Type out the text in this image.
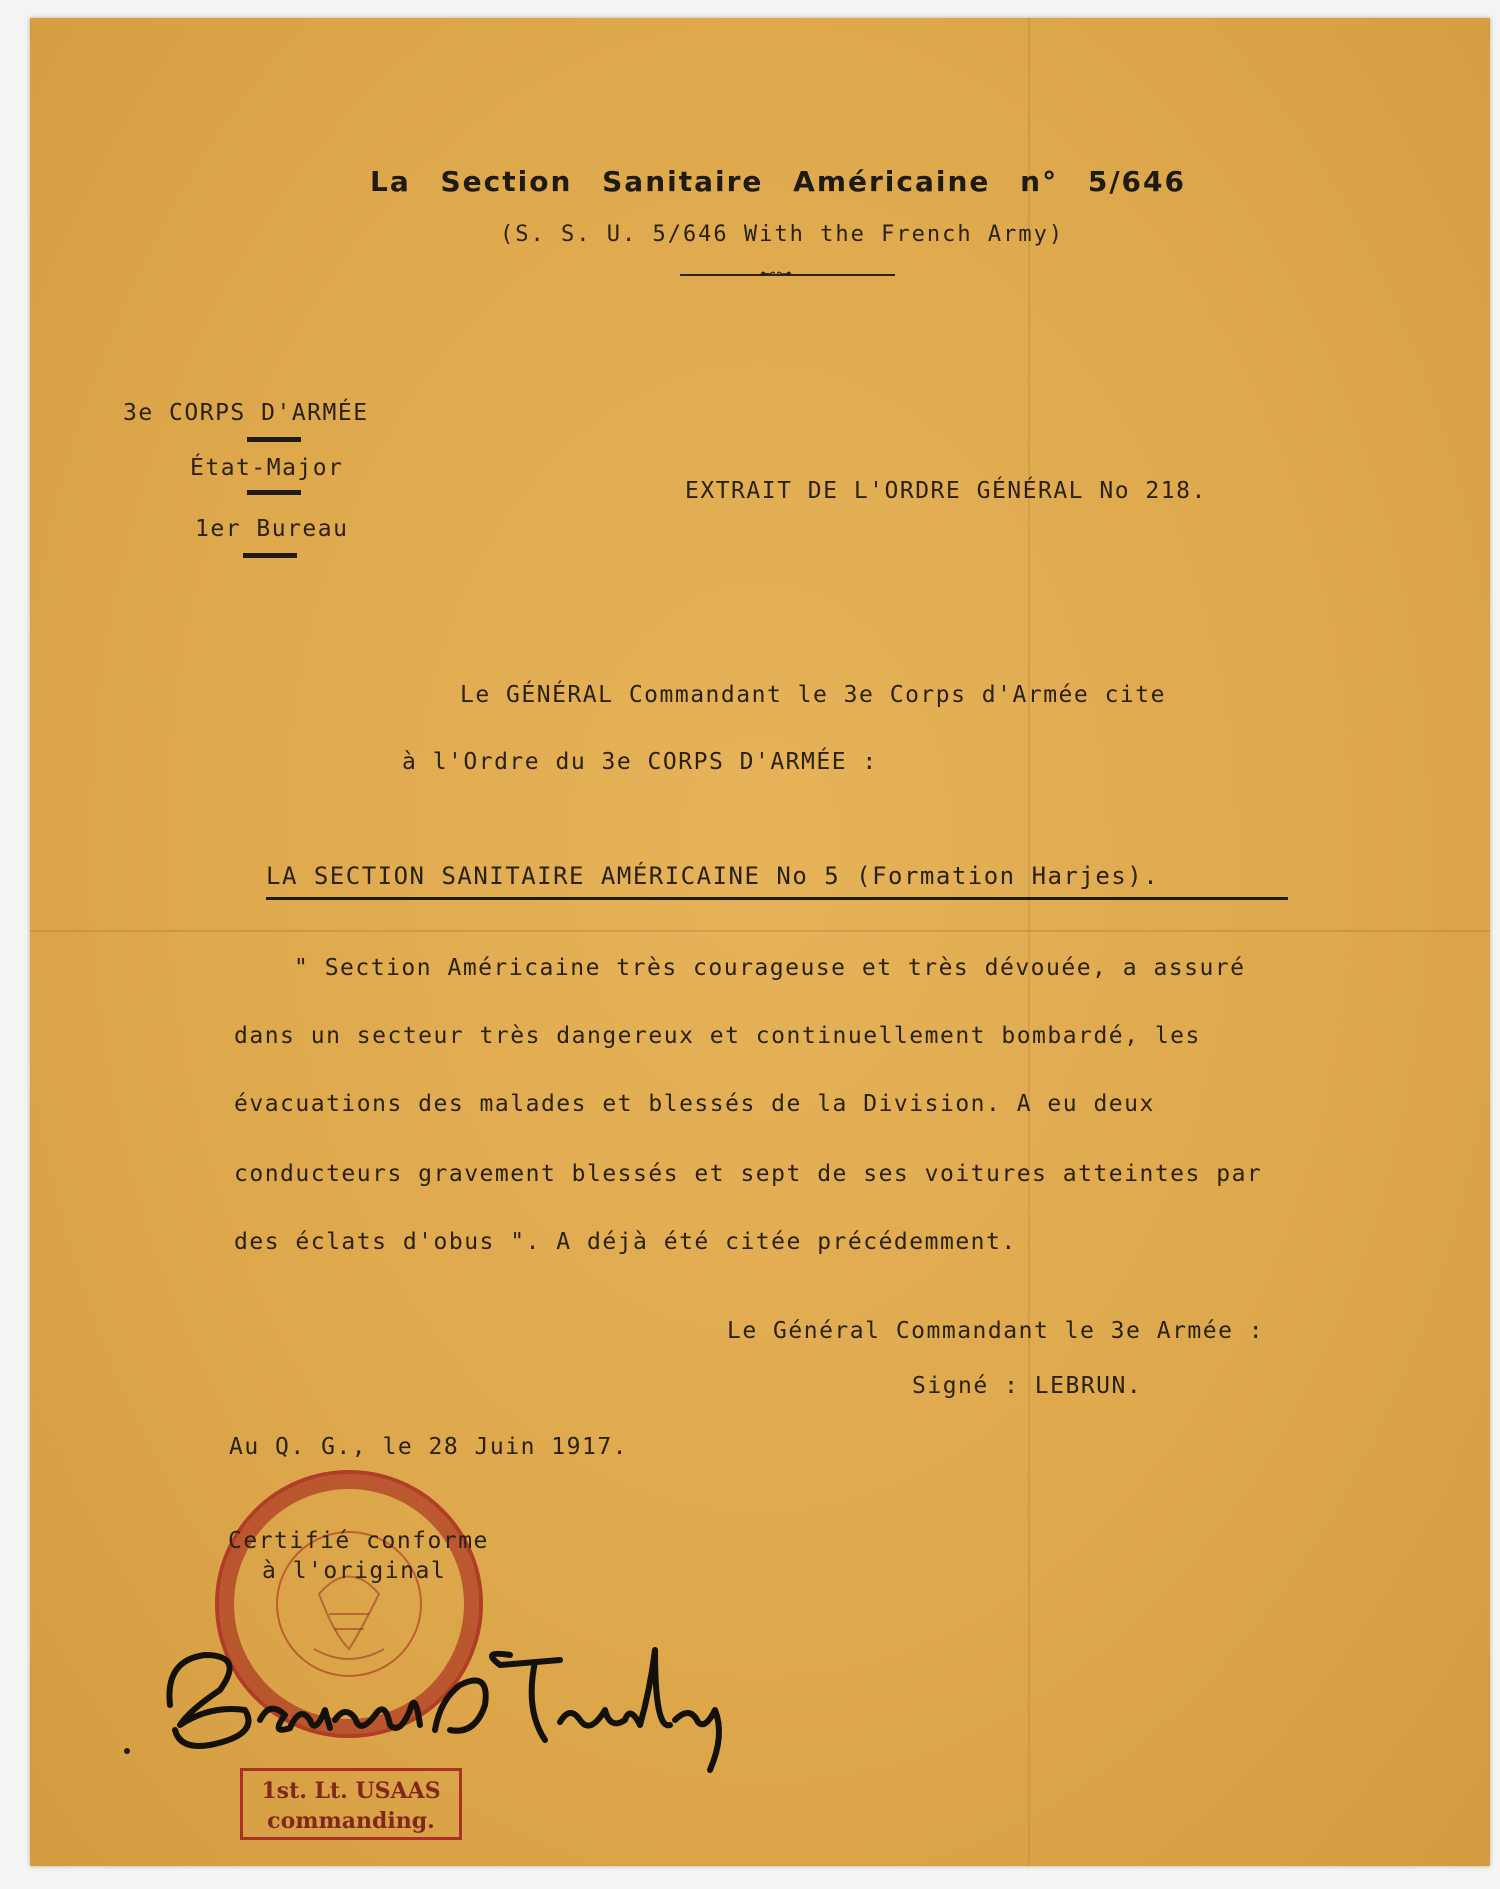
La Section Sanitaire Américaine n° 5/646
(S. S. U. 5/646 With the French Army)
⊷⊶
3e CORPS D'ARMÉE
État-Major
1er Bureau
EXTRAIT DE L'ORDRE GÉNÉRAL No 218.
Le GÉNÉRAL Commandant le 3e Corps d'Armée cite
à l'Ordre du 3e CORPS D'ARMÉE :
LA SECTION SANITAIRE AMÉRICAINE No 5 (Formation Harjes).
" Section Américaine très courageuse et très dévouée, a assuré
dans un secteur très dangereux et continuellement bombardé, les
évacuations des malades et blessés de la Division. A eu deux
conducteurs gravement blessés et sept de ses voitures atteintes par
des éclats d'obus ". A déjà été citée précédemment.
Le Général Commandant le 3e Armée :
Signé : LEBRUN.
Au Q. G., le 28 Juin 1917.
Certifié conforme
à l'original
1st. Lt. USAAS
commanding.
